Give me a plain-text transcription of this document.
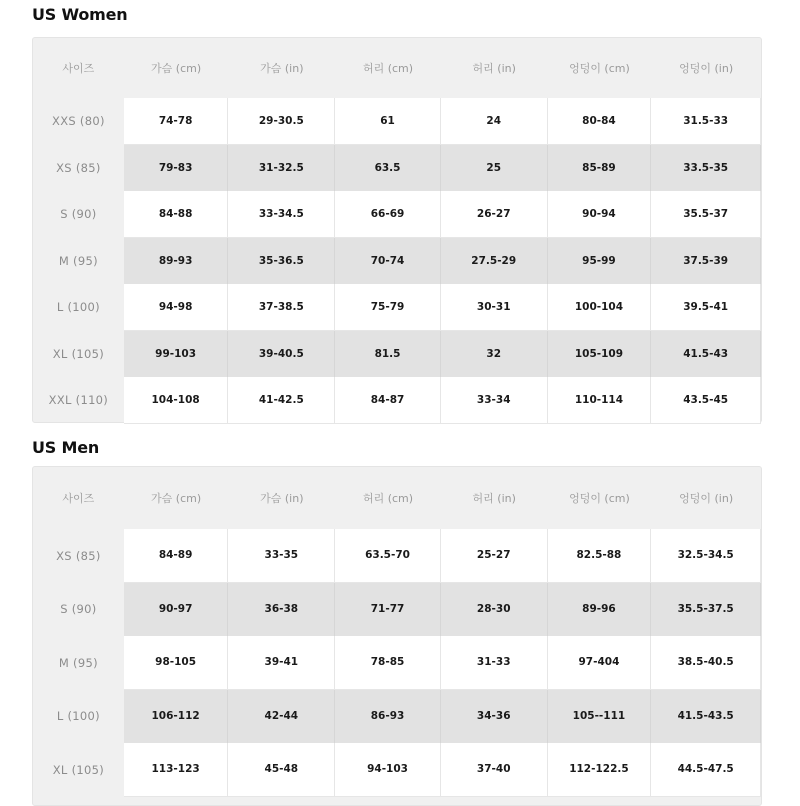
US Women
사이즈	가슴 (cm)	가슴 (in)	허리 (cm)	허리 (in)	엉덩이 (cm)	엉덩이 (in)
XXS (80)	74-78	29-30.5	61	24	80-84	31.5-33
XS (85)	79-83	31-32.5	63.5	25	85-89	33.5-35
S (90)	84-88	33-34.5	66-69	26-27	90-94	35.5-37
M (95)	89-93	35-36.5	70-74	27.5-29	95-99	37.5-39
L (100)	94-98	37-38.5	75-79	30-31	100-104	39.5-41
XL (105)	99-103	39-40.5	81.5	32	105-109	41.5-43
XXL (110)	104-108	41-42.5	84-87	33-34	110-114	43.5-45
US Men
사이즈	가슴 (cm)	가슴 (in)	허리 (cm)	허리 (in)	엉덩이 (cm)	엉덩이 (in)
XS (85)	84-89	33-35	63.5-70	25-27	82.5-88	32.5-34.5
S (90)	90-97	36-38	71-77	28-30	89-96	35.5-37.5
M (95)	98-105	39-41	78-85	31-33	97-404	38.5-40.5
L (100)	106-112	42-44	86-93	34-36	105--111	41.5-43.5
XL (105)	113-123	45-48	94-103	37-40	112-122.5	44.5-47.5
